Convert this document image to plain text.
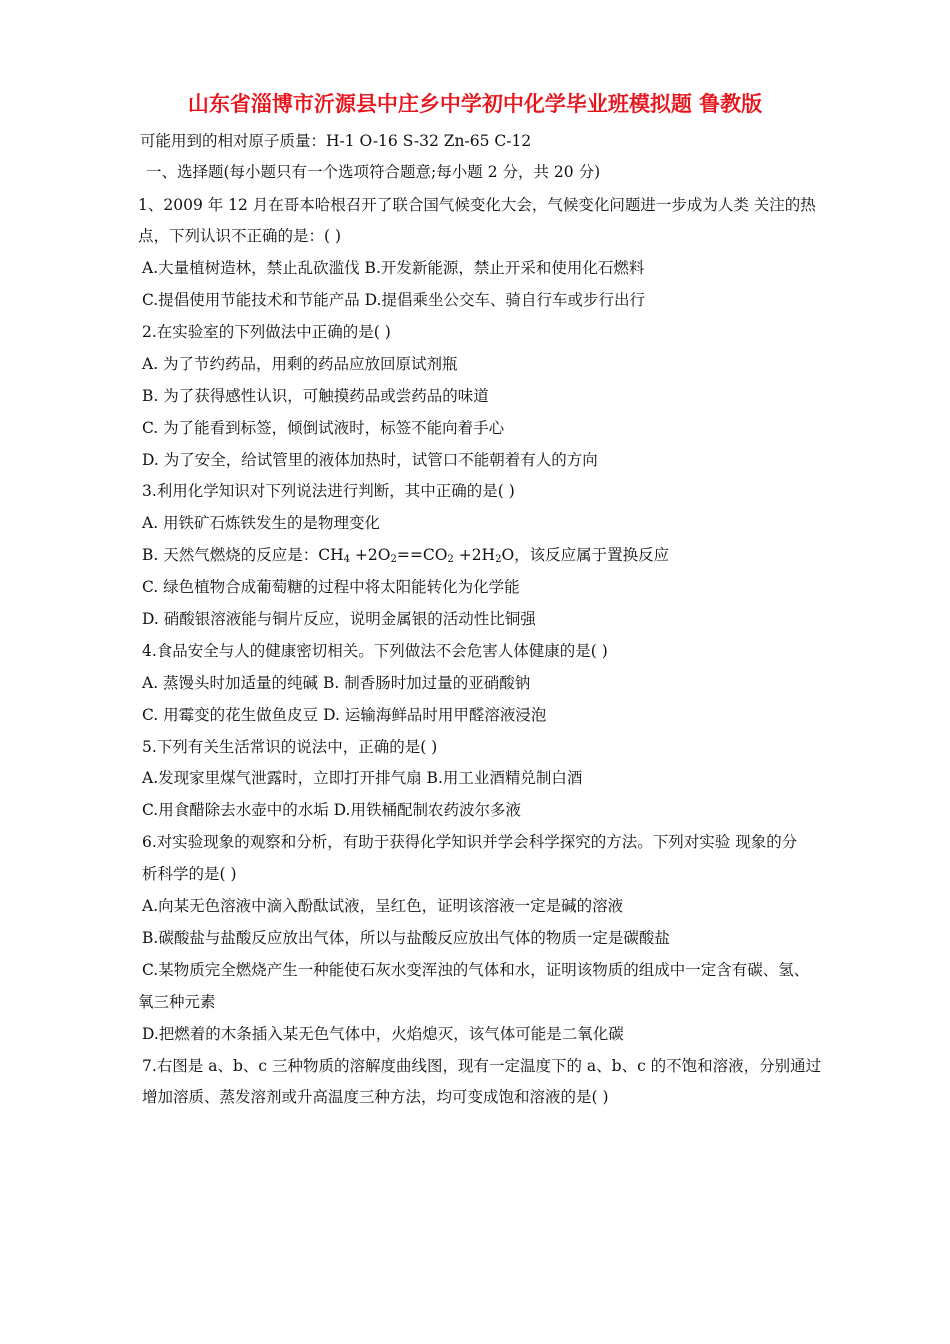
山东省淄博市沂源县中庄乡中学初中化学毕业班模拟题 鲁教版
可能用到的相对原子质量：H-1 O-16 S-32 Zn-65 C-12
一、选择题(每小题只有一个选项符合题意;每小题 2 分，共 20 分)
1、2009 年 12 月在哥本哈根召开了联合国气候变化大会，气候变化问题进一步成为人类 关注的热
点，下列认识不正确的是：( )
A.大量植树造林，禁止乱砍滥伐 B.开发新能源，禁止开采和使用化石燃料
C.提倡使用节能技术和节能产品 D.提倡乘坐公交车、骑自行车或步行出行
2.在实验室的下列做法中正确的是( )
A. 为了节约药品，用剩的药品应放回原试剂瓶
B. 为了获得感性认识，可触摸药品或尝药品的味道
C. 为了能看到标签，倾倒试液时，标签不能向着手心
D. 为了安全，给试管里的液体加热时，试管口不能朝着有人的方向
3.利用化学知识对下列说法进行判断，其中正确的是( )
A. 用铁矿石炼铁发生的是物理变化
B. 天然气燃烧的反应是：$CH_4 +2O_2==CO_2 +2H_2O$，该反应属于置换反应
C. 绿色植物合成葡萄糖的过程中将太阳能转化为化学能
D. 硝酸银溶液能与铜片反应，说明金属银的活动性比铜强
4.食品安全与人的健康密切相关。下列做法不会危害人体健康的是( )
A. 蒸馒头时加适量的纯碱 B. 制香肠时加过量的亚硝酸钠
C. 用霉变的花生做鱼皮豆 D. 运输海鲜品时用甲醛溶液浸泡
5.下列有关生活常识的说法中，正确的是( )
A.发现家里煤气泄露时，立即打开排气扇 B.用工业酒精兑制白酒
C.用食醋除去水壶中的水垢 D.用铁桶配制农药波尔多液
6.对实验现象的观察和分析，有助于获得化学知识并学会科学探究的方法。下列对实验 现象的分
析科学的是( )
A.向某无色溶液中滴入酚酞试液，呈红色，证明该溶液一定是碱的溶液
B.碳酸盐与盐酸反应放出气体，所以与盐酸反应放出气体的物质一定是碳酸盐
C.某物质完全燃烧产生一种能使石灰水变浑浊的气体和水，证明该物质的组成中一定含有碳、氢、
氧三种元素
D.把燃着的木条插入某无色气体中，火焰熄灭，该气体可能是二氧化碳
7.右图是 a、b、c 三种物质的溶解度曲线图，现有一定温度下的 a、b、c 的不饱和溶液，分别通过
增加溶质、蒸发溶剂或升高温度三种方法，均可变成饱和溶液的是( )
